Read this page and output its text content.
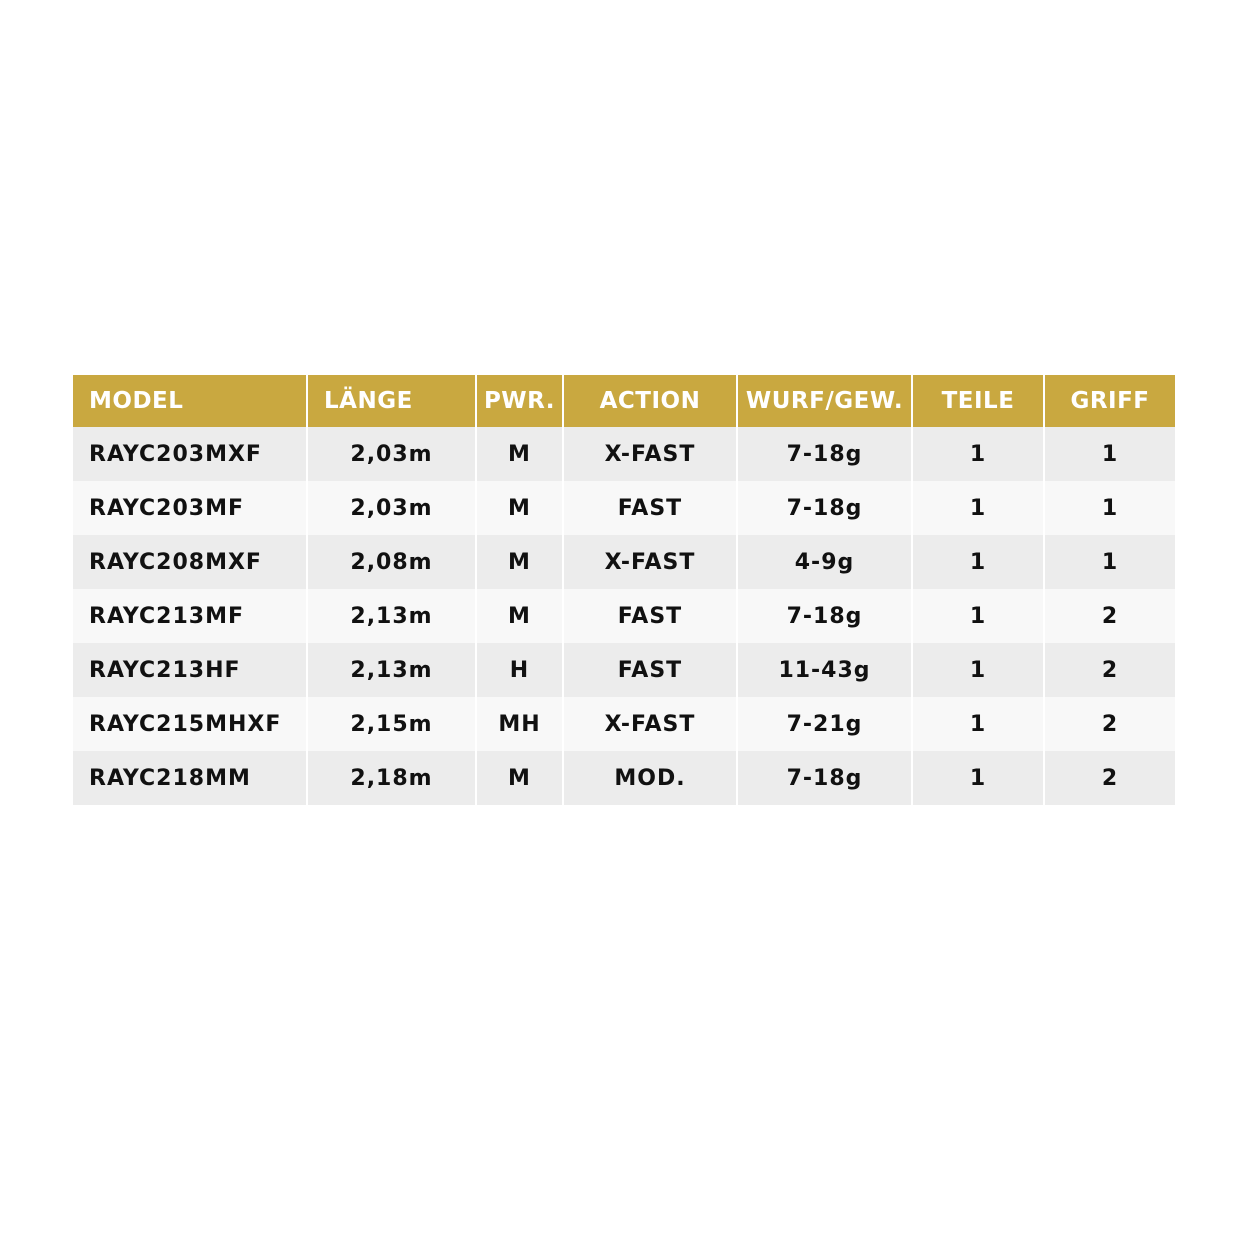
MODEL	LÄNGE	PWR.	ACTION	WURF/GEW.	TEILE	GRIFF
RAYC203MXF	2,03m	M	X-FAST	7-18g	1	1
RAYC203MF	2,03m	M	FAST	7-18g	1	1
RAYC208MXF	2,08m	M	X-FAST	4-9g	1	1
RAYC213MF	2,13m	M	FAST	7-18g	1	2
RAYC213HF	2,13m	H	FAST	11-43g	1	2
RAYC215MHXF	2,15m	MH	X-FAST	7-21g	1	2
RAYC218MM	2,18m	M	MOD.	7-18g	1	2
